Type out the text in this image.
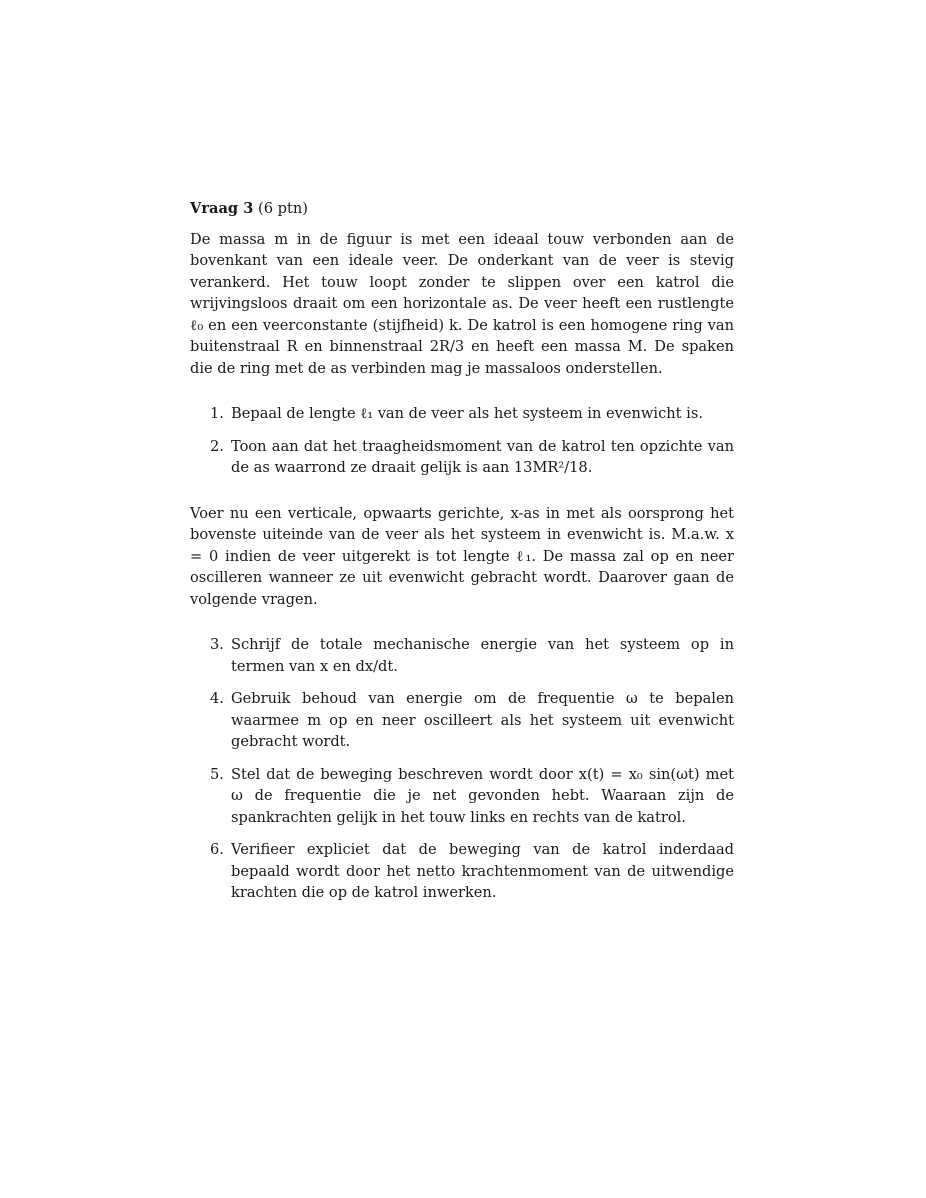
Vraag 3 (6 ptn)

De massa m in de figuur is met een ideaal touw verbonden aan de bovenkant van een ideale veer. De onderkant van de veer is stevig verankerd. Het touw loopt zonder te slippen over een katrol die wrijvingsloos draait om een horizontale as. De veer heeft een rustlengte ℓ₀ en een veerconstante (stijfheid) k. De katrol is een homogene ring van buitenstraal R en binnenstraal 2R/3 en heeft een massa M. De spaken die de ring met de as verbinden mag je massaloos onderstellen.

1. Bepaal de lengte ℓ₁ van de veer als het systeem in evenwicht is.
2. Toon aan dat het traagheidsmoment van de katrol ten opzichte van de as waarrond ze draait gelijk is aan 13MR²/18.

Voer nu een verticale, opwaarts gerichte, x-as in met als oorsprong het bovenste uiteinde van de veer als het systeem in evenwicht is. M.a.w. x = 0 indien de veer uitgerekt is tot lengte ℓ₁. De massa zal op en neer oscilleren wanneer ze uit evenwicht gebracht wordt. Daarover gaan de volgende vragen.

3. Schrijf de totale mechanische energie van het systeem op in termen van x en dx/dt.
4. Gebruik behoud van energie om de frequentie ω te bepalen waarmee m op en neer oscilleert als het systeem uit evenwicht gebracht wordt.
5. Stel dat de beweging beschreven wordt door x(t) = x₀ sin(ωt) met ω de frequentie die je net gevonden hebt. Waaraan zijn de spankrachten gelijk in het touw links en rechts van de katrol.
6. Verifieer expliciet dat de beweging van de katrol inderdaad bepaald wordt door het netto krachtenmoment van de uitwendige krachten die op de katrol inwerken.
